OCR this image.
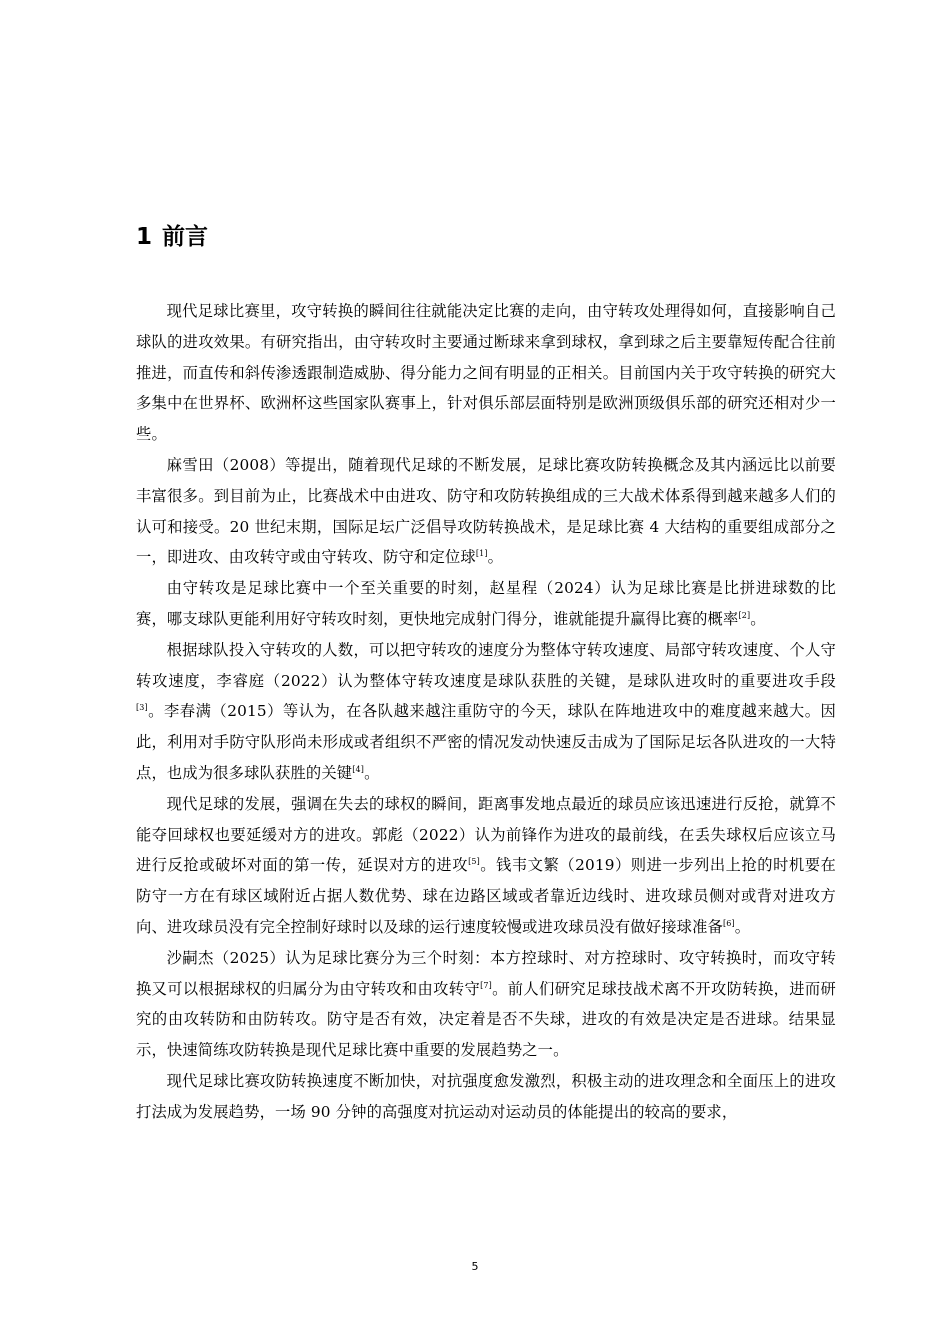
1 前言

现代足球比赛里，攻守转换的瞬间往往就能决定比赛的走向，由守转攻处理得如何，直接影响自己球队的进攻效果。有研究指出，由守转攻时主要通过断球来拿到球权，拿到球之后主要靠短传配合往前推进，而直传和斜传渗透跟制造威胁、得分能力之间有明显的正相关。目前国内关于攻守转换的研究大多集中在世界杯、欧洲杯这些国家队赛事上，针对俱乐部层面特别是欧洲顶级俱乐部的研究还相对少一些。

麻雪田（2008）等提出，随着现代足球的不断发展，足球比赛攻防转换概念及其内涵远比以前要丰富很多。到目前为止，比赛战术中由进攻、防守和攻防转换组成的三大战术体系得到越来越多人们的认可和接受。20 世纪末期，国际足坛广泛倡导攻防转换战术，是足球比赛 4 大结构的重要组成部分之一，即进攻、由攻转守或由守转攻、防守和定位球[1]。

由守转攻是足球比赛中一个至关重要的时刻，赵星程（2024）认为足球比赛是比拼进球数的比赛，哪支球队更能利用好守转攻时刻，更快地完成射门得分，谁就能提升赢得比赛的概率[2]。

根据球队投入守转攻的人数，可以把守转攻的速度分为整体守转攻速度、局部守转攻速度、个人守转攻速度，李睿庭（2022）认为整体守转攻速度是球队获胜的关键，是球队进攻时的重要进攻手段[3]。李春满（2015）等认为，在各队越来越注重防守的今天，球队在阵地进攻中的难度越来越大。因此，利用对手防守队形尚未形成或者组织不严密的情况发动快速反击成为了国际足坛各队进攻的一大特点，也成为很多球队获胜的关键[4]。

现代足球的发展，强调在失去的球权的瞬间，距离事发地点最近的球员应该迅速进行反抢，就算不能夺回球权也要延缓对方的进攻。郭彪（2022）认为前锋作为进攻的最前线，在丢失球权后应该立马进行反抢或破坏对面的第一传，延误对方的进攻[5]。钱韦文繁（2019）则进一步列出上抢的时机要在防守一方在有球区域附近占据人数优势、球在边路区域或者靠近边线时、进攻球员侧对或背对进攻方向、进攻球员没有完全控制好球时以及球的运行速度较慢或进攻球员没有做好接球准备[6]。

沙嗣杰（2025）认为足球比赛分为三个时刻：本方控球时、对方控球时、攻守转换时，而攻守转换又可以根据球权的归属分为由守转攻和由攻转守[7]。前人们研究足球技战术离不开攻防转换，进而研究的由攻转防和由防转攻。防守是否有效，决定着是否不失球，进攻的有效是决定是否进球。结果显示，快速简练攻防转换是现代足球比赛中重要的发展趋势之一。

现代足球比赛攻防转换速度不断加快，对抗强度愈发激烈，积极主动的进攻理念和全面压上的进攻打法成为发展趋势，一场 90 分钟的高强度对抗运动对运动员的体能提出的较高的要求，

5
